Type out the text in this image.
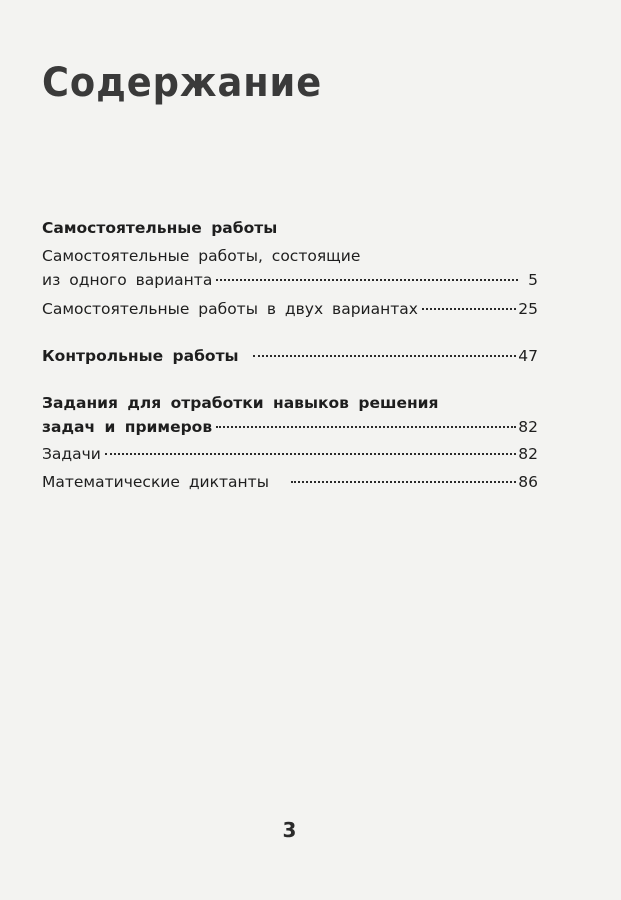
Содержание
Самостоятельные работы
Самостоятельные работы, состоящие
из одного варианта	5
Самостоятельные работы в двух вариантах	25
Контрольные работы	47
Задания для отработки навыков решения
задач и примеров	82
Задачи	82
Математические диктанты	86
3
